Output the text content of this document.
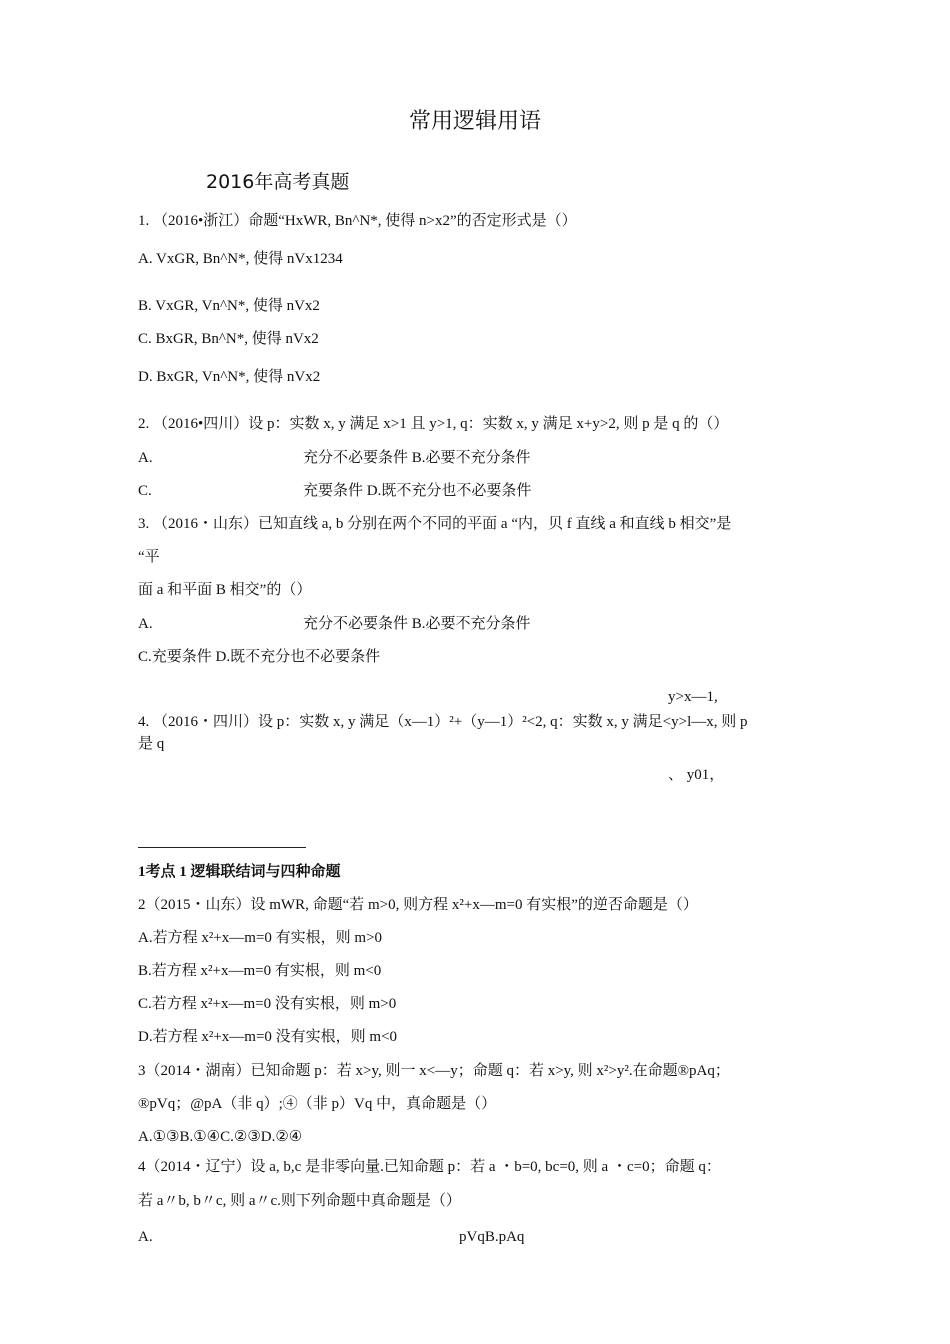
常用逻辑用语
2016年高考真题
1. （2016•浙江）命题“HxWR, Bn^N*, 使得 n>x2”的否定形式是（）
A. VxGR, Bn^N*, 使得 nVx1234
B. VxGR, Vn^N*, 使得 nVx2
C. BxGR, Bn^N*, 使得 nVx2
D. BxGR, Vn^N*, 使得 nVx2
2. （2016•四川）设 p：实数 x, y 满足 x>1 且 y>1, q：实数 x, y 满足 x+y>2, 则 p 是 q 的（）
A.	充分不必要条件 B.必要不充分条件
C.	充要条件 D.既不充分也不必要条件
3. （2016・山东）已知直线 a, b 分别在两个不同的平面 a “内，贝 f 直线 a 和直线 b 相交”是
“平
面 a 和平面 B 相交”的（）
A.	充分不必要条件 B.必要不充分条件
C.充要条件 D.既不充分也不必要条件
y>x—1,
4. （2016・四川）设 p：实数 x, y 满足（x—1）²+（y—1）²<2, q：实数 x, y 满足<y>l—x, 则 p
是 q
、 y01，
1考点 1 逻辑联结词与四种命题
2（2015・山东）设 mWR, 命题“若 m>0, 则方程 x²+x—m=0 有实根”的逆否命题是（）
A.若方程 x²+x—m=0 有实根，则 m>0
B.若方程 x²+x—m=0 有实根，则 m<0
C.若方程 x²+x—m=0 没有实根，则 m>0
D.若方程 x²+x—m=0 没有实根，则 m<0
3（2014・湖南）已知命题 p：若 x>y, 则一 x<—y；命题 q：若 x>y, 则 x²>y².在命题®pAq；
®pVq；@pA（非 q）;④（非 p）Vq 中，真命题是（）
A.①③B.①④C.②③D.②④
4（2014・辽宁）设 a, b,c 是非零向量.已知命题 p：若 a ・b=0, bc=0, 则 a ・c=0；命题 q：
若 a〃b, b〃c, 则 a〃c.则下列命题中真命题是（）
A.	pVqB.pAq
